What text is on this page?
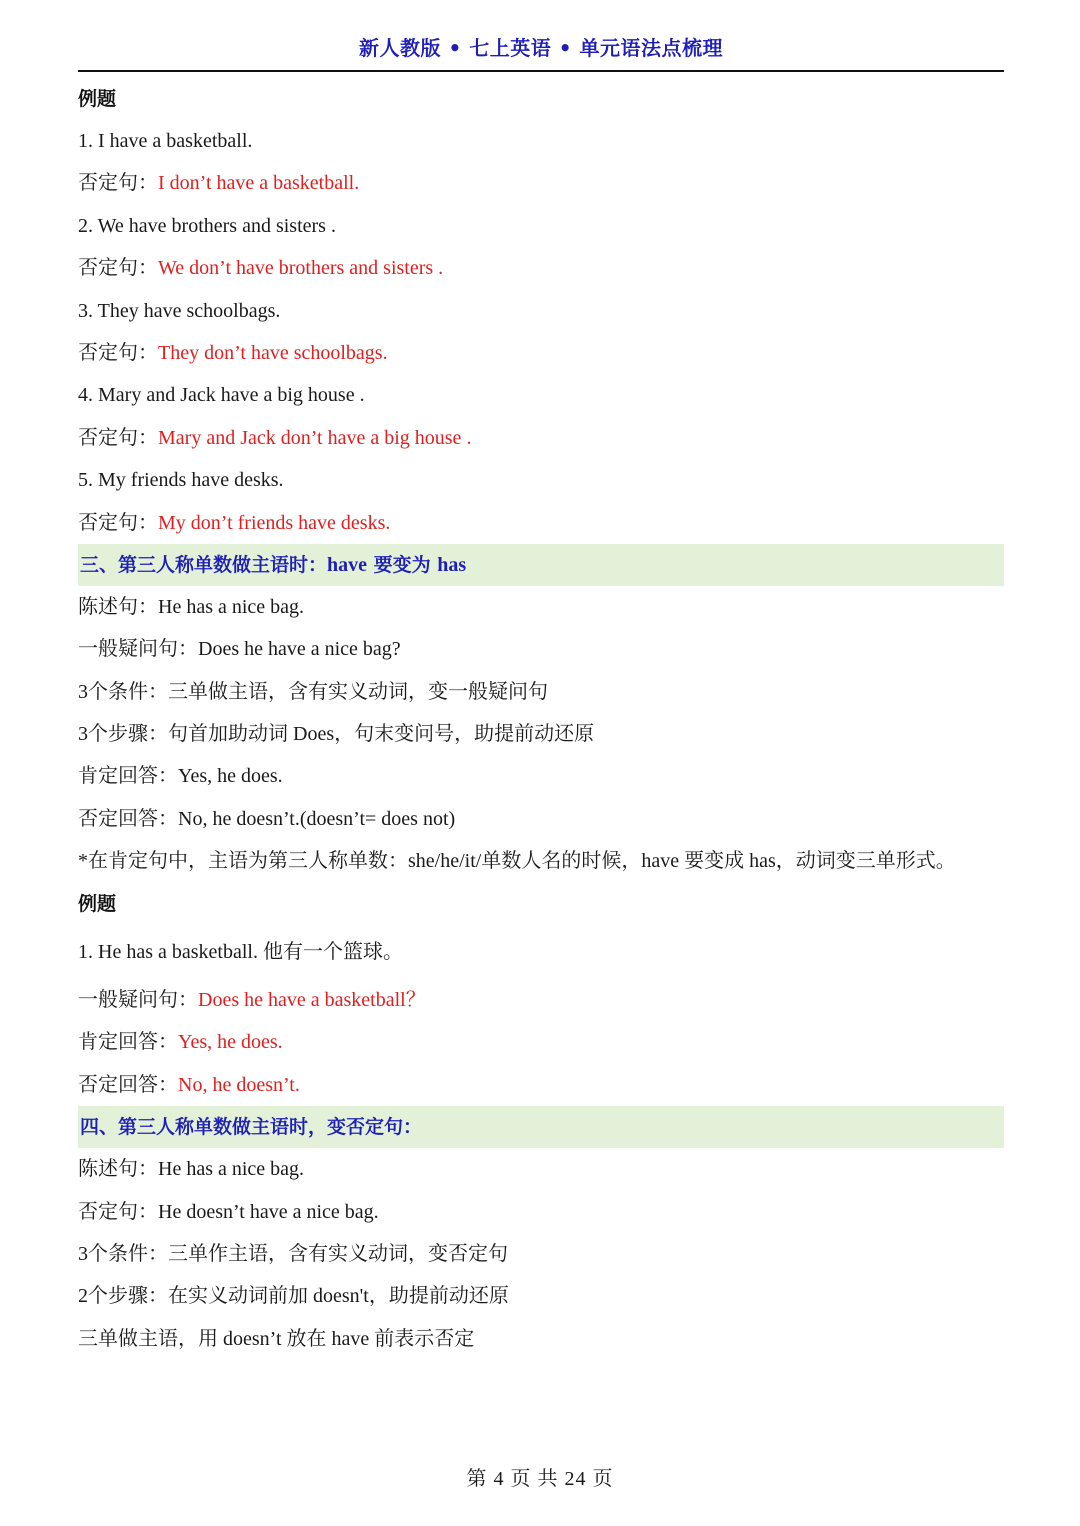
新人教版 • 七上英语 • 单元语法点梳理
例题
1. I have a basketball.
否定句：I don’t have a basketball.
2. We have brothers and sisters .
否定句：We don’t have brothers and sisters .
3. They have schoolbags.
否定句：They don’t have schoolbags.
4. Mary and Jack have a big house .
否定句：Mary and Jack don’t have a big house .
5. My friends have desks.
否定句：My don’t friends have desks.
三、第三人称单数做主语时：have 要变为 has
陈述句：He has a nice bag.
一般疑问句：Does he have a nice bag?
3个条件：三单做主语，含有实义动词，变一般疑问句
3个步骤：句首加助动词 Does，句末变问号，助提前动还原
肯定回答：Yes, he does.
否定回答：No, he doesn’t.(doesn’t= does not)
*在肯定句中，主语为第三人称单数：she/he/it/单数人名的时候，have 要变成 has，动词变三单形式。
例题
1. He has a basketball. 他有一个篮球。
一般疑问句：Does he have a basketball？
肯定回答：Yes, he does.
否定回答：No, he doesn’t.
四、第三人称单数做主语时，变否定句：
陈述句：He has a nice bag.
否定句：He doesn’t have a nice bag.
3个条件：三单作主语，含有实义动词，变否定句
2个步骤：在实义动词前加 doesn't，助提前动还原
三单做主语，用 doesn’t 放在 have 前表示否定
第 4 页 共 24 页
